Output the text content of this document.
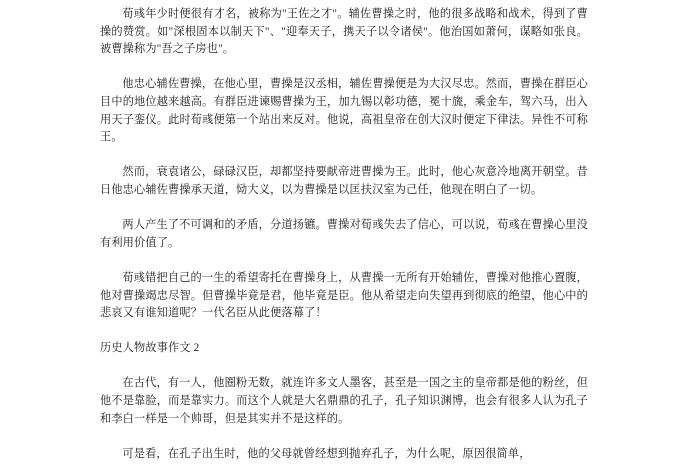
荀彧年少时便很有才名，被称为"王佐之才"。辅佐曹操之时，他的很多战略和战术，得到了曹操的赞赏。如"深根固本以制天下"、"迎奉天子，携天子以令诸侯"。他治国如萧何，谋略如张良。被曹操称为"吾之子房也"。

他忠心辅佐曹操，在他心里，曹操是汉丞相，辅佐曹操便是为大汉尽忠。然而，曹操在群臣心目中的地位越来越高。有群臣进谏赐曹操为王，加九锡以彰功德，冕十旒，乘金车，驾六马，出入用天子銮仪。此时荀彧便第一个站出来反对。他说，高祖皇帝在创大汉时便定下律法。异性不可称王。

然而，衰袁诸公，碌碌汉臣，却都坚持要献帝进曹操为王。此时，他心灰意冷地离开朝堂。昔日他忠心辅佐曹操承天道，恸大义，以为曹操是以匡扶汉室为己任，他现在明白了一切。

两人产生了不可调和的矛盾，分道扬镳。曹操对荀彧失去了信心，可以说，荀彧在曹操心里没有利用价值了。

荀彧错把自己的一生的希望寄托在曹操身上，从曹操一无所有开始辅佐，曹操对他推心置腹，他对曹操竭忠尽智。但曹操毕竟是君，他毕竟是臣。他从希望走向失望再到彻底的绝望，他心中的悲哀又有谁知道呢？一代名臣从此便落幕了！

历史人物故事作文 2

在古代，有一人，他圈粉无数，就连许多文人墨客，甚至是一国之主的皇帝都是他的粉丝，但他不是靠脸，而是靠实力。而这个人就是大名鼎鼎的孔子，孔子知识渊博，也会有很多人认为孔子和李白一样是一个帅哥，但是其实并不是这样的。

可是看，在孔子出生时，他的父母就曾经想到抛弃孔子，为什么呢，原因很简单，
